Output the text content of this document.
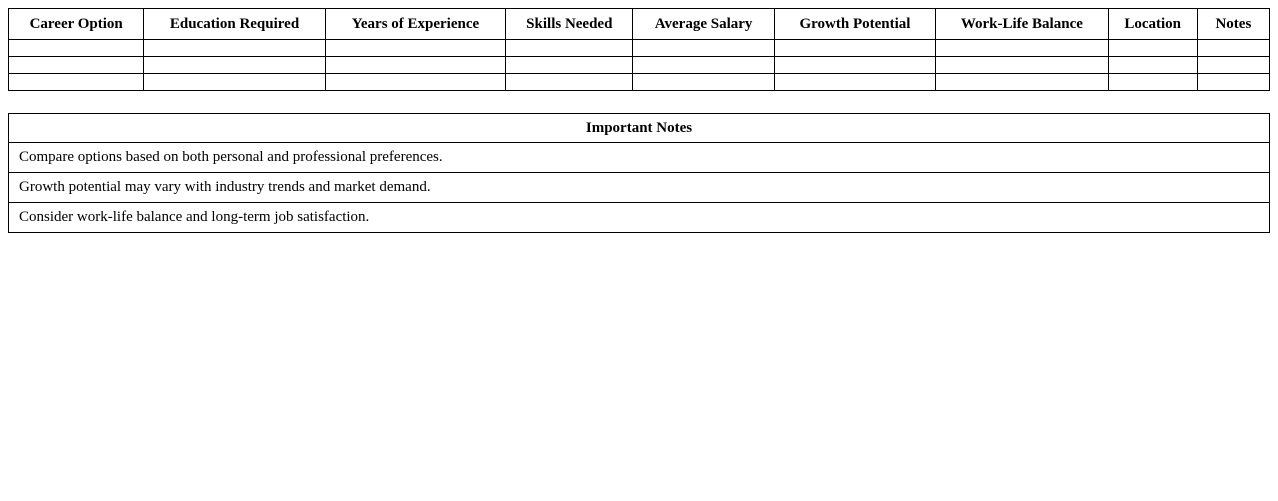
Career Option	Education Required	Years of Experience	Skills Needed	Average Salary	Growth Potential	Work-Life Balance	Location	Notes

Important Notes
Compare options based on both personal and professional preferences.
Growth potential may vary with industry trends and market demand.
Consider work-life balance and long-term job satisfaction.
